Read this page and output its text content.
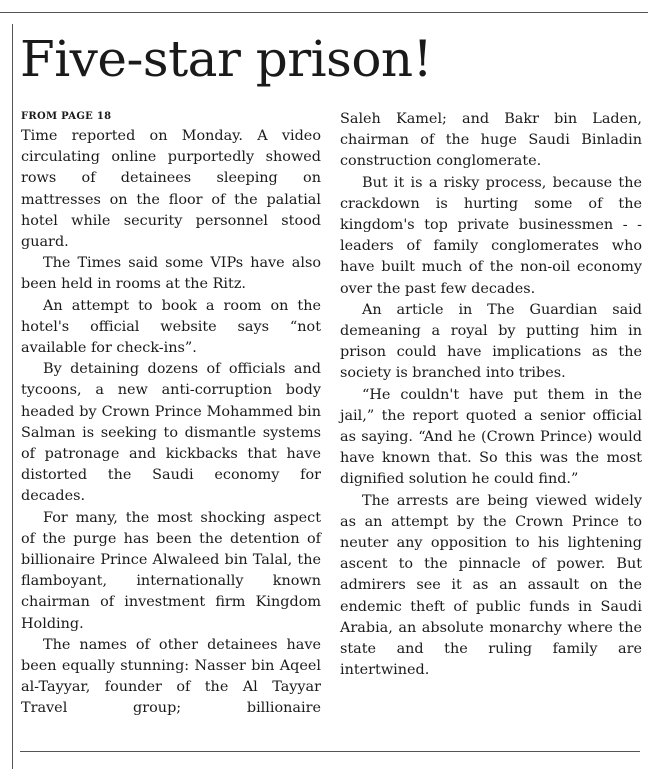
Five-star prison!
FROM PAGE 18

Time reported on Monday. A video circulating online purportedly showed rows of detainees sleeping on mattresses on the floor of the palatial hotel while security personnel stood guard.

The Times said some VIPs have also been held in rooms at the Ritz.

An attempt to book a room on the hotel's official website says “not available for check-ins”.

By detaining dozens of officials and tycoons, a new anti-corruption body headed by Crown Prince Mohammed bin Salman is seeking to dismantle systems of patronage and kickbacks that have distorted the Saudi economy for decades.

For many, the most shocking aspect of the purge has been the detention of billionaire Prince Alwaleed bin Talal, the flamboyant, internationally known chairman of investment firm Kingdom Holding.

The names of other detainees have been equally stunning: Nasser bin Aqeel al-Tayyar, founder of the Al Tayyar Travel group; billionaire

Saleh Kamel; and Bakr bin Laden, chairman of the huge Saudi Binladin construction conglomerate.

But it is a risky process, because the crackdown is hurting some of the kingdom's top private businessmen - - leaders of family conglomerates who have built much of the non-oil economy over the past few decades.

An article in The Guardian said demeaning a royal by putting him in prison could have implications as the society is branched into tribes.

“He couldn't have put them in the jail,” the report quoted a senior official as saying. “And he (Crown Prince) would have known that. So this was the most dignified solution he could find.”

The arrests are being viewed widely as an attempt by the Crown Prince to neuter any opposition to his lightening ascent to the pinnacle of power. But admirers see it as an assault on the endemic theft of public funds in Saudi Arabia, an absolute monarchy where the state and the ruling family are intertwined.
